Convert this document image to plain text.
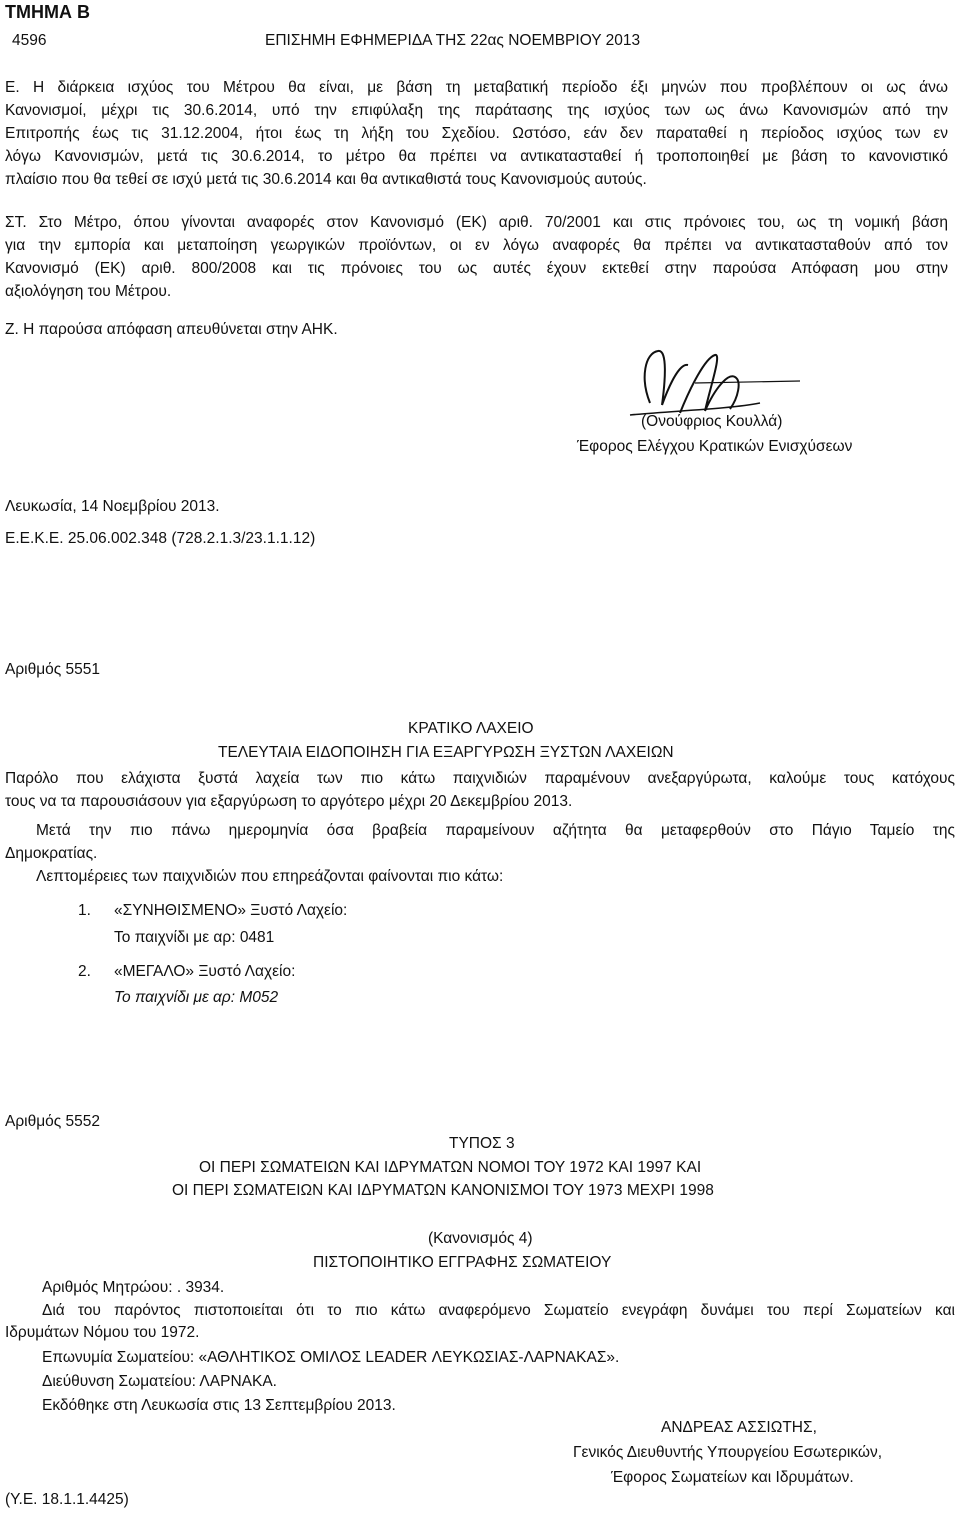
ΤΜΗΜΑ Β
4596	ΕΠΙΣΗΜΗ ΕΦΗΜΕΡΙΔΑ ΤΗΣ 22ας ΝΟΕΜΒΡΙΟΥ 2013
Ε. Η διάρκεια ισχύος του Μέτρου θα είναι, με βάση τη μεταβατική περίοδο έξι μηνών που προβλέπουν οι ως άνω
Κανονισμοί, μέχρι τις 30.6.2014, υπό την επιφύλαξη της παράτασης της ισχύος των ως άνω Κανονισμών από την
Επιτροπής έως τις 31.12.2004, ήτοι έως τη λήξη του Σχεδίου. Ωστόσο, εάν δεν παραταθεί η περίοδος ισχύος των εν
λόγω Κανονισμών, μετά τις 30.6.2014, το μέτρο θα πρέπει να αντικατασταθεί ή τροποποιηθεί με βάση το κανονιστικό
πλαίσιο που θα τεθεί σε ισχύ μετά τις 30.6.2014 και θα αντικαθιστά τους Κανονισμούς αυτούς.
ΣΤ. Στο Μέτρο, όπου γίνονται αναφορές στον Κανονισμό (ΕΚ) αριθ. 70/2001 και στις πρόνοιες του, ως τη νομική βάση
για την εμπορία και μεταποίηση γεωργικών προϊόντων, οι εν λόγω αναφορές θα πρέπει να αντικατασταθούν από τον
Κανονισμό (ΕΚ) αριθ. 800/2008 και τις πρόνοιες του ως αυτές έχουν εκτεθεί στην παρούσα Απόφαση μου στην
αξιολόγηση του Μέτρου.
Ζ. Η παρούσα απόφαση απευθύνεται στην ΑΗΚ.
(Ονούφριος Κουλλά)
Έφορος Ελέγχου Κρατικών Ενισχύσεων
Λευκωσία, 14 Νοεμβρίου 2013.
Ε.Ε.Κ.Ε. 25.06.002.348 (728.2.1.3/23.1.1.12)
Αριθμός 5551
ΚΡΑΤΙΚΟ ΛΑΧΕΙΟ
ΤΕΛΕΥΤΑΙΑ ΕΙΔΟΠΟΙΗΣΗ ΓΙΑ ΕΞΑΡΓΥΡΩΣΗ ΞΥΣΤΩΝ ΛΑΧΕΙΩΝ
Παρόλο που ελάχιστα ξυστά λαχεία των πιο κάτω παιχνιδιών παραμένουν ανεξαργύρωτα, καλούμε τους κατόχους
τους να τα παρουσιάσουν για εξαργύρωση το αργότερο μέχρι 20 Δεκεμβρίου 2013.
Μετά την πιο πάνω ημερομηνία όσα βραβεία παραμείνουν αζήτητα θα μεταφερθούν στο Πάγιο Ταμείο της
Δημοκρατίας.
Λεπτομέρειες των παιχνιδιών που επηρεάζονται φαίνονται πιο κάτω:
1. «ΣΥΝΗΘΙΣΜΕΝΟ» Ξυστό Λαχείο:
Το παιχνίδι με αρ: 0481
2. «ΜΕΓΑΛΟ» Ξυστό Λαχείο:
Το παιχνίδι με αρ: Μ052
Αριθμός 5552
ΤΥΠΟΣ 3
ΟΙ ΠΕΡΙ ΣΩΜΑΤΕΙΩΝ ΚΑΙ ΙΔΡΥΜΑΤΩΝ ΝΟΜΟΙ ΤΟΥ 1972 ΚΑΙ 1997 ΚΑΙ
ΟΙ ΠΕΡΙ ΣΩΜΑΤΕΙΩΝ ΚΑΙ ΙΔΡΥΜΑΤΩΝ ΚΑΝΟΝΙΣΜΟΙ ΤΟΥ 1973 ΜΕΧΡΙ 1998
(Κανονισμός 4)
ΠΙΣΤΟΠΟΙΗΤΙΚΟ ΕΓΓΡΑΦΗΣ ΣΩΜΑΤΕΙΟΥ
Αριθμός Μητρώου: . 3934.
Διά του παρόντος πιστοποιείται ότι το πιο κάτω αναφερόμενο Σωματείο ενεγράφη δυνάμει του περί Σωματείων και
Ιδρυμάτων Νόμου του 1972.
Επωνυμία Σωματείου: «ΑΘΛΗΤΙΚΟΣ ΟΜΙΛΟΣ LEADER ΛΕΥΚΩΣΙΑΣ-ΛΑΡΝΑΚΑΣ».
Διεύθυνση Σωματείου: ΛΑΡΝΑΚΑ.
Εκδόθηκε στη Λευκωσία στις 13 Σεπτεμβρίου 2013.
ΑΝΔΡΕΑΣ ΑΣΣΙΩΤΗΣ,
Γενικός Διευθυντής Υπουργείου Εσωτερικών,
Έφορος Σωματείων και Ιδρυμάτων.
(Υ.Ε. 18.1.1.4425)
